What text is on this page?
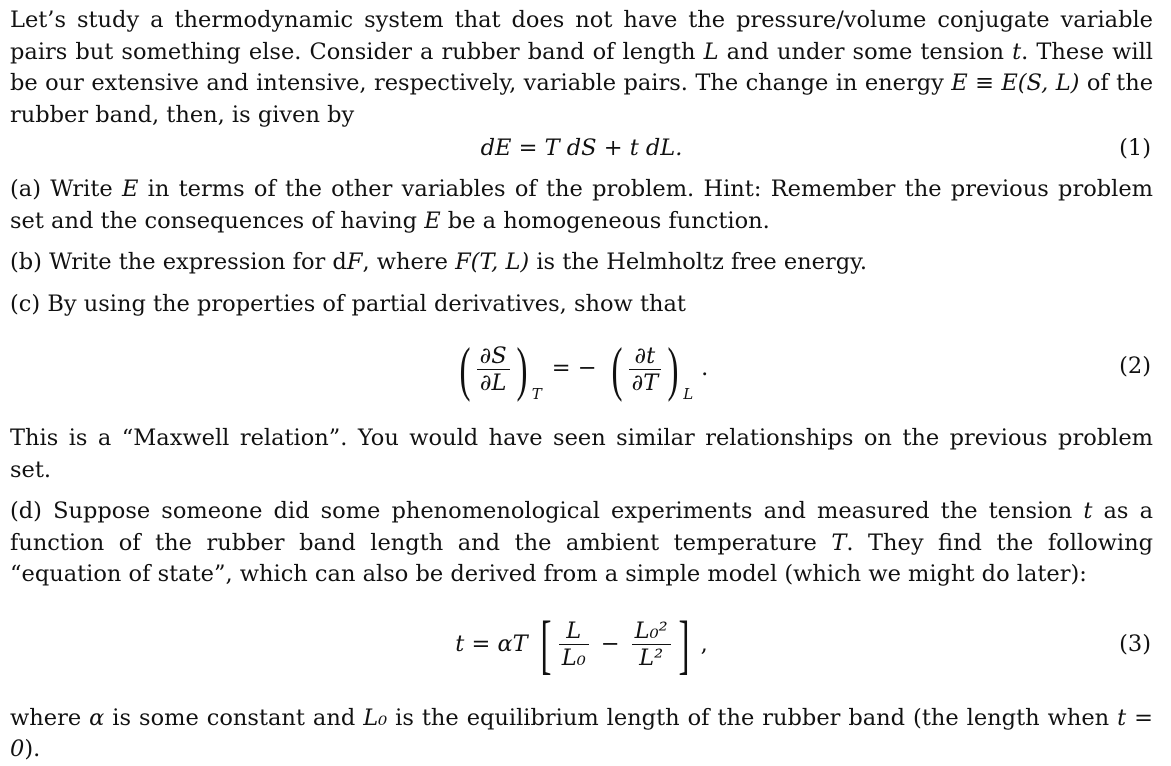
Let’s study a thermodynamic system that does not have the pressure/volume conjugate variable pairs but something else. Consider a rubber band of length L and under some tension t. These will be our extensive and intensive, respectively, variable pairs. The change in energy E ≡ E(S, L) of the rubber band, then, is given by

dE = T dS + t dL.	(1)

(a) Write E in terms of the other variables of the problem. Hint: Remember the previous problem set and the consequences of having E be a homogeneous function.

(b) Write the expression for dF, where F(T, L) is the Helmholtz free energy.

(c) By using the properties of partial derivatives, show that

( $\frac{\partial S}{\partial L}$ ) $_T$= − ( $\frac{\partial t}{\partial T}$ ) $_L$.	(2)

This is a “Maxwell relation”. You would have seen similar relationships on the previous problem set.

(d) Suppose someone did some phenomenological experiments and measured the tension t as a function of the rubber band length and the ambient temperature T. They find the following “equation of state”, which can also be derived from a simple model (which we might do later):

t = αT [ $\frac{L}{\text{L₀}} - \frac{\text{L₀²}}{\text{L²}}$ ] ,	(3)

where α is some constant and L₀ is the equilibrium length of the rubber band (the length when t = 0).
